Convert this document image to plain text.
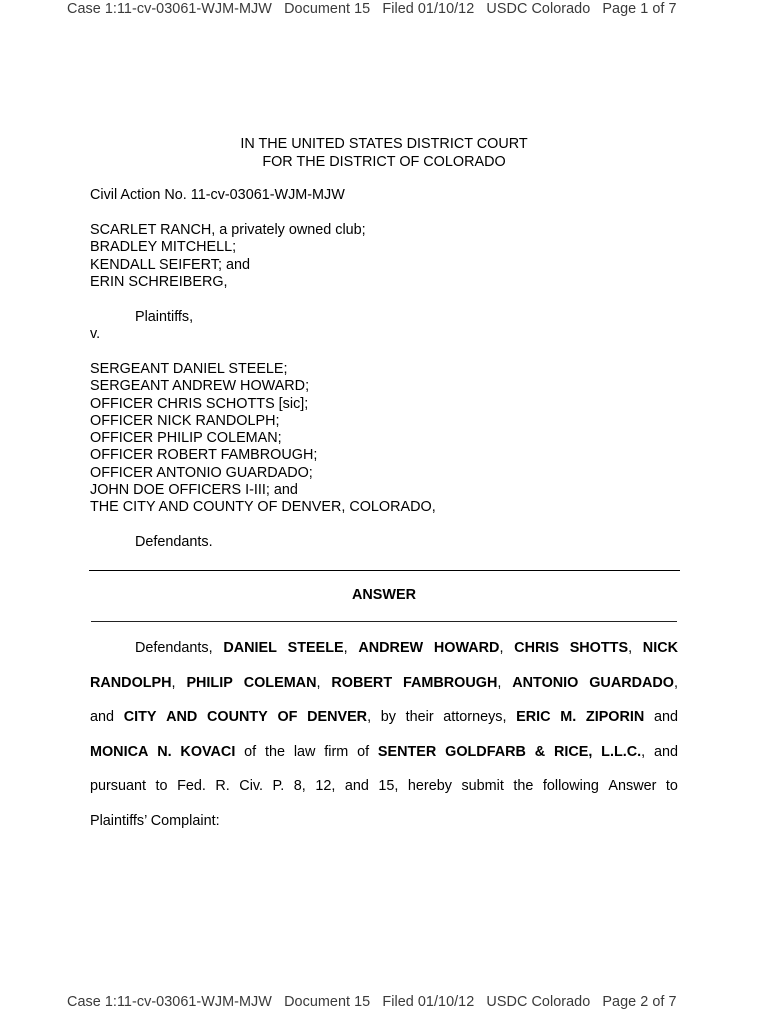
Case 1:11-cv-03061-WJM-MJW   Document 15   Filed 01/10/12   USDC Colorado   Page 1 of 7
IN THE UNITED STATES DISTRICT COURT
FOR THE DISTRICT OF COLORADO
Civil Action No. 11-cv-03061-WJM-MJW
SCARLET RANCH, a privately owned club;
BRADLEY MITCHELL;
KENDALL SEIFERT; and
ERIN SCHREIBERG,
Plaintiffs,
v.
SERGEANT DANIEL STEELE;
SERGEANT ANDREW HOWARD;
OFFICER CHRIS SCHOTTS [sic];
OFFICER NICK RANDOLPH;
OFFICER PHILIP COLEMAN;
OFFICER ROBERT FAMBROUGH;
OFFICER ANTONIO GUARDADO;
JOHN DOE OFFICERS I-III; and
THE CITY AND COUNTY OF DENVER, COLORADO,
Defendants.
ANSWER
Defendants, DANIEL STEELE, ANDREW HOWARD, CHRIS SHOTTS, NICK
RANDOLPH, PHILIP COLEMAN, ROBERT FAMBROUGH, ANTONIO GUARDADO,
and CITY AND COUNTY OF DENVER, by their attorneys, ERIC M. ZIPORIN and
MONICA N. KOVACI of the law firm of SENTER GOLDFARB & RICE, L.L.C., and
pursuant to Fed. R. Civ. P. 8, 12, and 15, hereby submit the following Answer to
Plaintiffs’ Complaint:
Case 1:11-cv-03061-WJM-MJW   Document 15   Filed 01/10/12   USDC Colorado   Page 2 of 7
